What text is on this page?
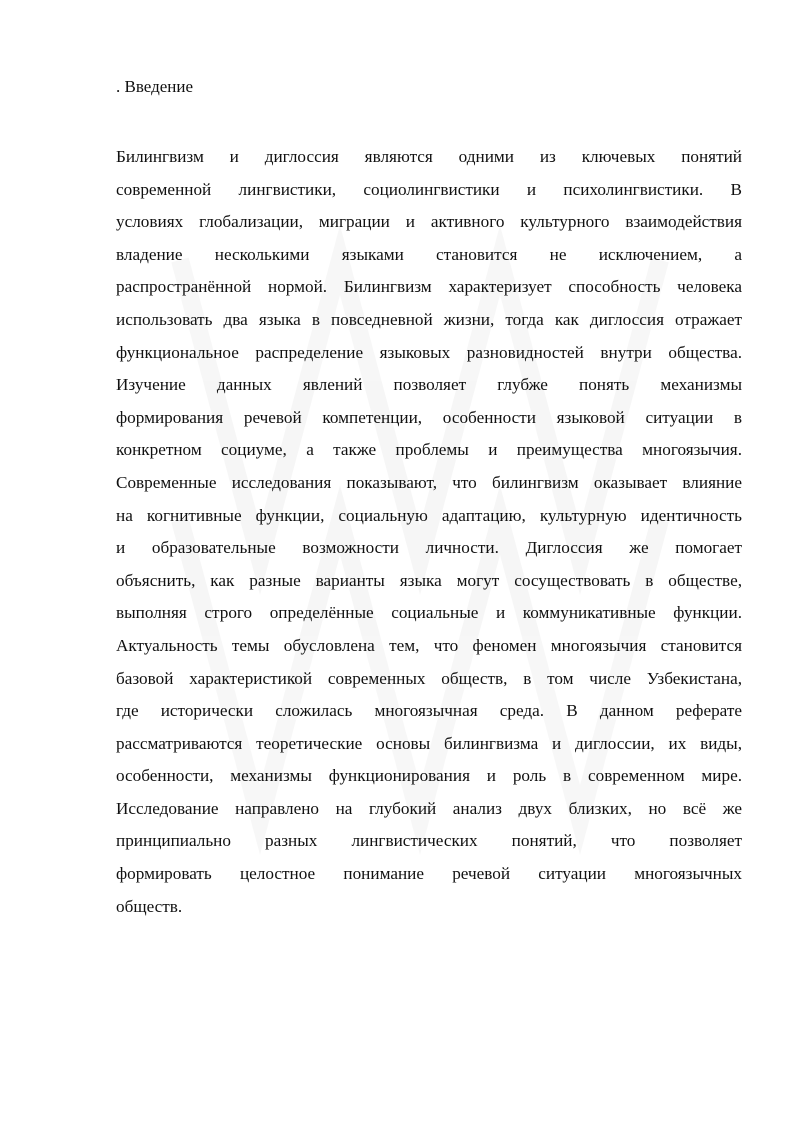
. Введение
Билингвизм и диглоссия являются одними из ключевых понятий
современной лингвистики, социолингвистики и психолингвистики. В
условиях глобализации, миграции и активного культурного взаимодействия
владение несколькими языками становится не исключением, а
распространённой нормой. Билингвизм характеризует способность человека
использовать два языка в повседневной жизни, тогда как диглоссия отражает
функциональное распределение языковых разновидностей внутри общества.
Изучение данных явлений позволяет глубже понять механизмы
формирования речевой компетенции, особенности языковой ситуации в
конкретном социуме, а также проблемы и преимущества многоязычия.
Современные исследования показывают, что билингвизм оказывает влияние
на когнитивные функции, социальную адаптацию, культурную идентичность
и образовательные возможности личности. Диглоссия же помогает
объяснить, как разные варианты языка могут сосуществовать в обществе,
выполняя строго определённые социальные и коммуникативные функции.
Актуальность темы обусловлена тем, что феномен многоязычия становится
базовой характеристикой современных обществ, в том числе Узбекистана,
где исторически сложилась многоязычная среда. В данном реферате
рассматриваются теоретические основы билингвизма и диглоссии, их виды,
особенности, механизмы функционирования и роль в современном мире.
Исследование направлено на глубокий анализ двух близких, но всё же
принципиально разных лингвистических понятий, что позволяет
формировать целостное понимание речевой ситуации многоязычных
обществ.
